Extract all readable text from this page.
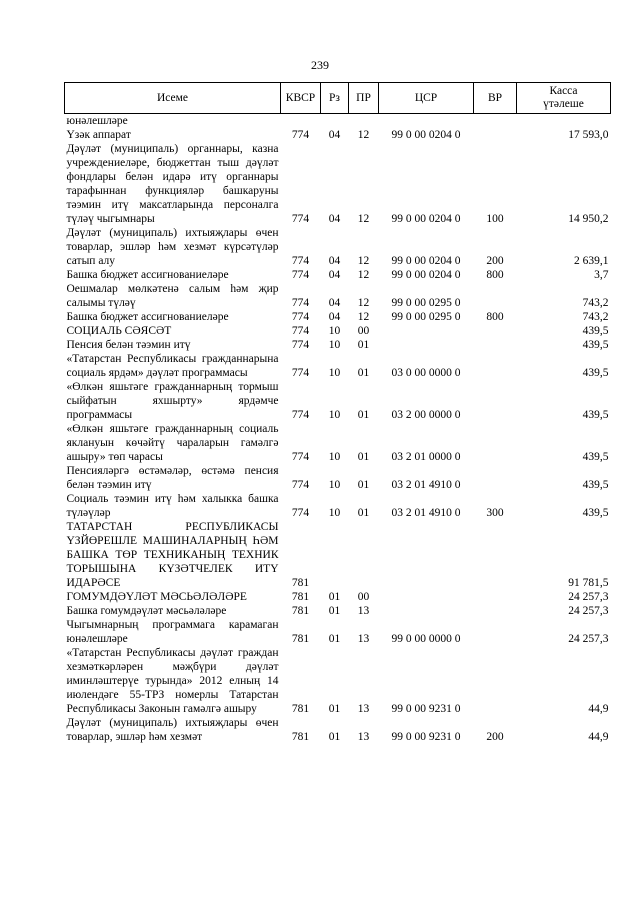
239
Исеме	КВСР	Рз	ПР	ЦСР	ВР	Касса
үтәлеше

юнәлешләре						
Үзәк аппарат	774	04	12	99 0 00 0204 0		17 593,0
Дәүләт (муниципаль) органнары, казна учреждениеләре, бюджеттан тыш дәүләт фондлары белән идарә итү органнары тарафыннан функцияләр башкаруны тәэмин итү максатларында персоналга түләү чыгымнары	774	04	12	99 0 00 0204 0	100	14 950,2
Дәүләт (муниципаль) ихтыяҗлары өчен товарлар, эшләр һәм хезмәт күрсәтүләр сатып алу	774	04	12	99 0 00 0204 0	200	2 639,1
Башка бюджет ассигнованиеләре	774	04	12	99 0 00 0204 0	800	3,7
Оешмалар мөлкәтенә салым һәм җир салымы түләү	774	04	12	99 0 00 0295 0		743,2
Башка бюджет ассигнованиеләре	774	04	12	99 0 00 0295 0	800	743,2
СОЦИАЛЬ СӘЯСӘТ	774	10	00			439,5
Пенсия белән тәэмин итү	774	10	01			439,5
«Татарстан Республикасы гражданнарына социаль ярдәм» дәүләт программасы	774	10	01	03 0 00 0000 0		439,5
«Өлкән яшьтәге гражданнарның тормыш сыйфатын яхшырту» ярдәмче программасы	774	10	01	03 2 00 0000 0		439,5
«Өлкән яшьтәге гражданнарның социаль яклануын көчәйтү чараларын гамәлгә ашыру» төп чарасы	774	10	01	03 2 01 0000 0		439,5
Пенсияләргә өстәмәләр, өстәмә пенсия белән тәэмин итү	774	10	01	03 2 01 4910 0		439,5
Социаль тәэмин итү һәм халыкка башка түләүләр	774	10	01	03 2 01 4910 0	300	439,5
ТАТАРСТАН РЕСПУБЛИКАСЫ ҮЗЙӨРЕШЛЕ МАШИНАЛАРНЫҢ ҺӘМ БАШКА ТӨР ТЕХНИКАНЫҢ ТЕХНИК ТОРЫШЫНА КҮЗӘТЧЕЛЕК ИТҮ ИДАРӘСЕ	781					91 781,5
ГОМУМДӘҮЛӘТ МӘСЬӘЛӘЛӘРЕ	781	01	00			24 257,3
Башка гомумдәүләт мәсьәләләре	781	01	13			24 257,3
Чыгымнарның программага карамаган юнәлешләре	781	01	13	99 0 00 0000 0		24 257,3
«Татарстан Республикасы дәүләт граждан хезмәткәрләрен мәҗбүри дәүләт иминләштерүе турында» 2012 елның 14 июлендәге 55-ТРЗ номерлы Татарстан Республикасы Законын гамәлгә ашыру	781	01	13	99 0 00 9231 0		44,9
Дәүләт (муниципаль) ихтыяҗлары өчен товарлар, эшләр һәм хезмәт	781	01	13	99 0 00 9231 0	200	44,9
